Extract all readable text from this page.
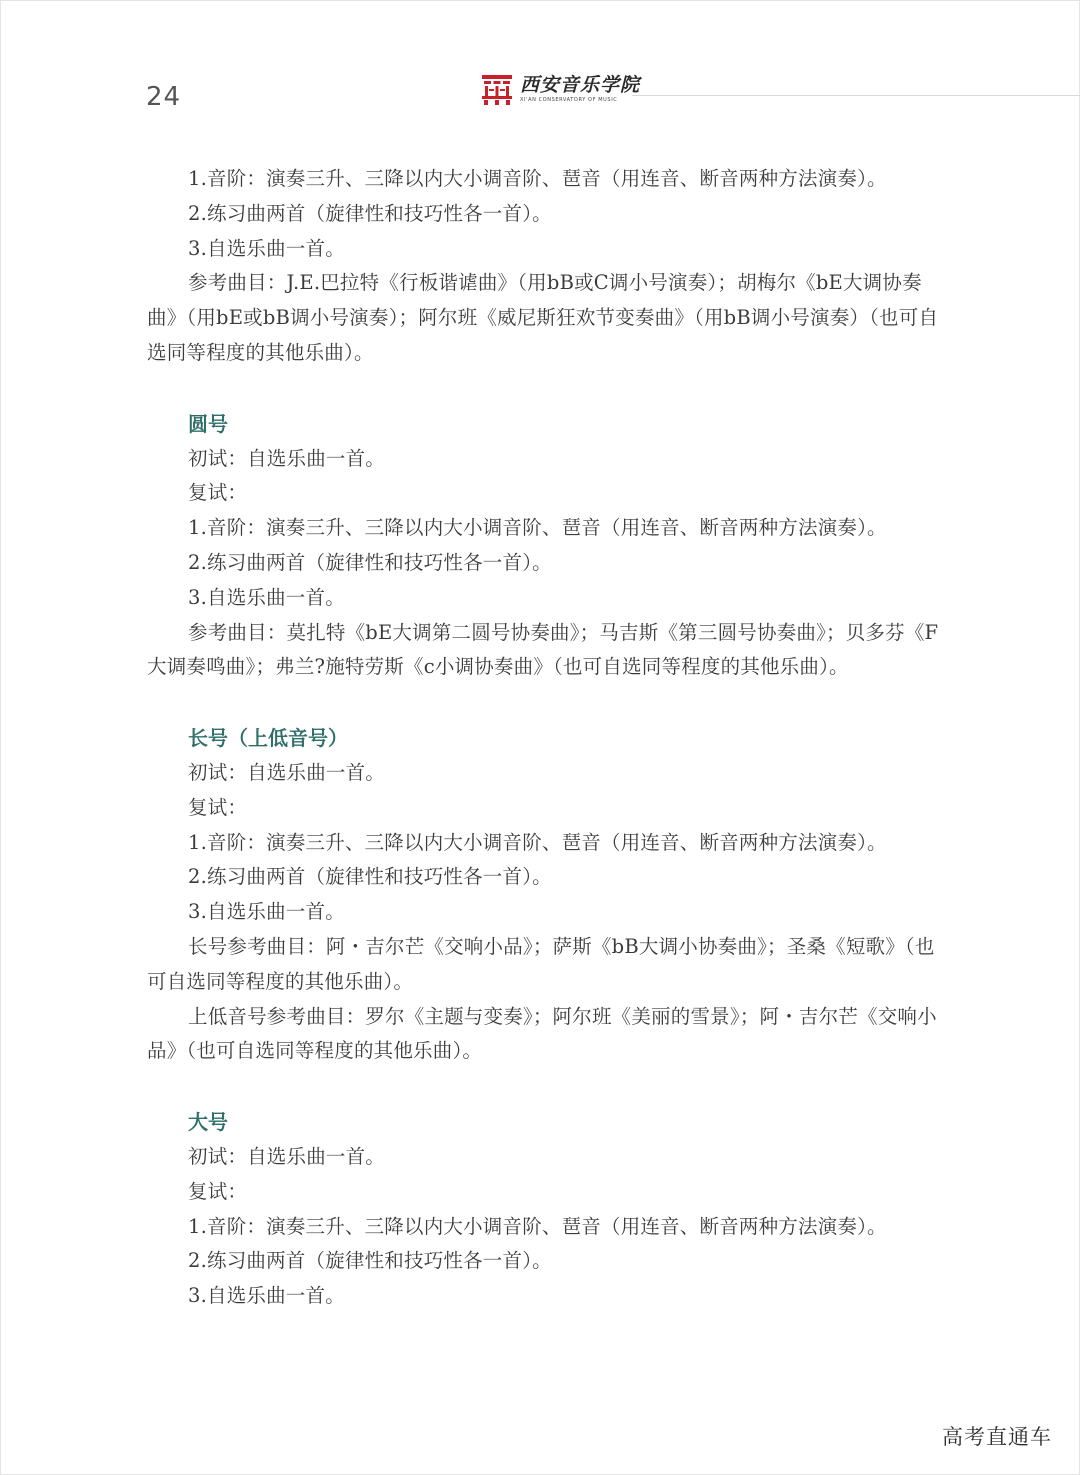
24	西安音乐学院
XI'AN CONSERVATORY OF MUSIC

1.音阶：演奏三升、三降以内大小调音阶、琶音（用连音、断音两种方法演奏）。

2.练习曲两首（旋律性和技巧性各一首）。

3.自选乐曲一首。

参考曲目：J.E.巴拉特《行板谐谑曲》（用bB或C调小号演奏）；胡梅尔《bE大调协奏曲》（用bE或bB调小号演奏）；阿尔班《威尼斯狂欢节变奏曲》（用bB调小号演奏）（也可自选同等程度的其他乐曲）。

圆号

初试：自选乐曲一首。

复试：

1.音阶：演奏三升、三降以内大小调音阶、琶音（用连音、断音两种方法演奏）。

2.练习曲两首（旋律性和技巧性各一首）。

3.自选乐曲一首。

参考曲目：莫扎特《bE大调第二圆号协奏曲》；马吉斯《第三圆号协奏曲》；贝多芬《F大调奏鸣曲》；弗兰?施特劳斯《c小调协奏曲》（也可自选同等程度的其他乐曲）。

长号（上低音号）

初试：自选乐曲一首。

复试：

1.音阶：演奏三升、三降以内大小调音阶、琶音（用连音、断音两种方法演奏）。

2.练习曲两首（旋律性和技巧性各一首）。

3.自选乐曲一首。

长号参考曲目：阿・吉尔芒《交响小品》；萨斯《bB大调小协奏曲》；圣桑《短歌》（也可自选同等程度的其他乐曲）。

上低音号参考曲目：罗尔《主题与变奏》；阿尔班《美丽的雪景》；阿・吉尔芒《交响小品》（也可自选同等程度的其他乐曲）。

大号

初试：自选乐曲一首。

复试：

1.音阶：演奏三升、三降以内大小调音阶、琶音（用连音、断音两种方法演奏）。

2.练习曲两首（旋律性和技巧性各一首）。

3.自选乐曲一首。

高考直通车
